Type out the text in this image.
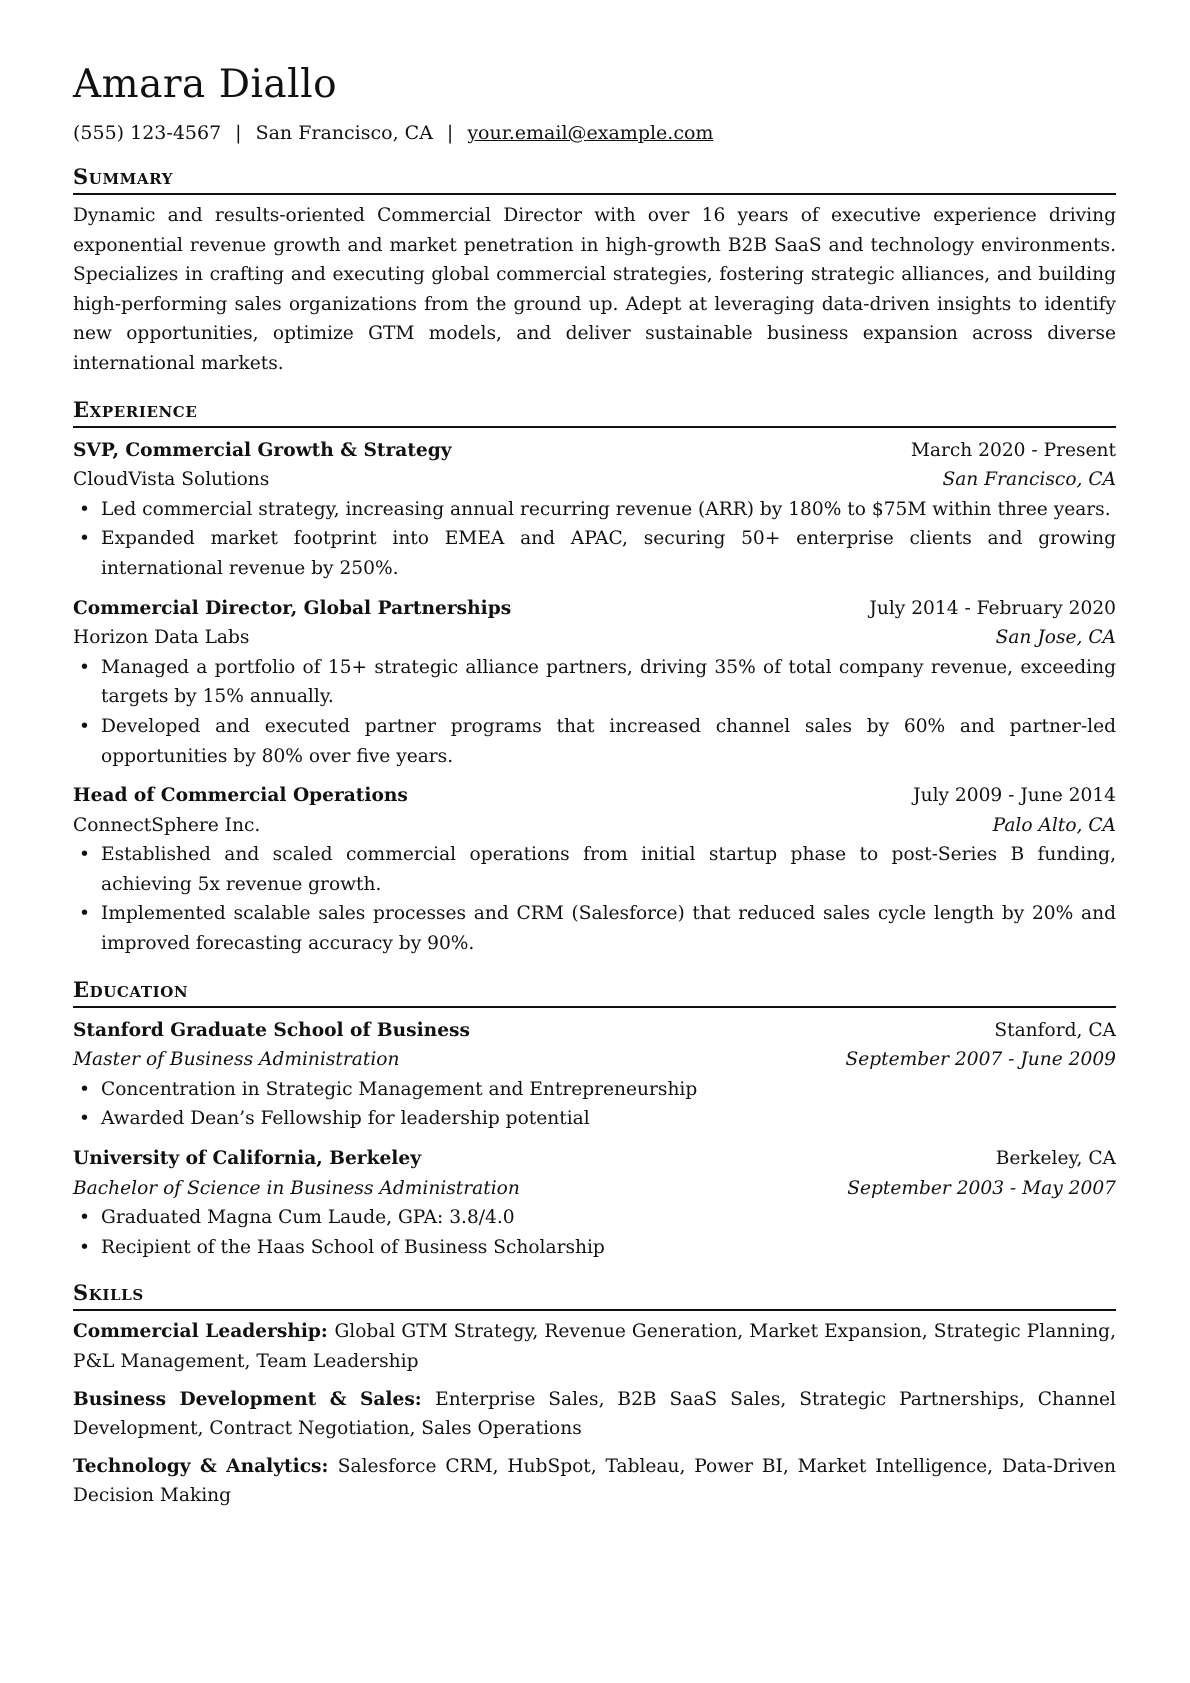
Amara Diallo
(555) 123-4567 | San Francisco, CA | your.email@example.com
Summary
Dynamic and results-oriented Commercial Director with over 16 years of executive experience driving exponential revenue growth and market penetration in high-growth B2B SaaS and technology environments. Specializes in crafting and executing global commercial strategies, fostering strategic alliances, and building high-performing sales organizations from the ground up. Adept at leveraging data-driven insights to identify new opportunities, optimize GTM models, and deliver sustainable business expansion across diverse international markets.
Experience
SVP, Commercial Growth & Strategy	March 2020 - Present
CloudVista Solutions	San Francisco, CA
• Led commercial strategy, increasing annual recurring revenue (ARR) by 180% to $75M within three years.
• Expanded market footprint into EMEA and APAC, securing 50+ enterprise clients and growing international revenue by 250%.
Commercial Director, Global Partnerships	July 2014 - February 2020
Horizon Data Labs	San Jose, CA
• Managed a portfolio of 15+ strategic alliance partners, driving 35% of total company revenue, exceeding targets by 15% annually.
• Developed and executed partner programs that increased channel sales by 60% and partner-led opportunities by 80% over five years.
Head of Commercial Operations	July 2009 - June 2014
ConnectSphere Inc.	Palo Alto, CA
• Established and scaled commercial operations from initial startup phase to post-Series B funding, achieving 5x revenue growth.
• Implemented scalable sales processes and CRM (Salesforce) that reduced sales cycle length by 20% and improved forecasting accuracy by 90%.
Education
Stanford Graduate School of Business	Stanford, CA
Master of Business Administration	September 2007 - June 2009
• Concentration in Strategic Management and Entrepreneurship
• Awarded Dean’s Fellowship for leadership potential
University of California, Berkeley	Berkeley, CA
Bachelor of Science in Business Administration	September 2003 - May 2007
• Graduated Magna Cum Laude, GPA: 3.8/4.0
• Recipient of the Haas School of Business Scholarship
Skills
Commercial Leadership: Global GTM Strategy, Revenue Generation, Market Expansion, Strategic Planning, P&L Management, Team Leadership
Business Development & Sales: Enterprise Sales, B2B SaaS Sales, Strategic Partnerships, Channel Development, Contract Negotiation, Sales Operations
Technology & Analytics: Salesforce CRM, HubSpot, Tableau, Power BI, Market Intelligence, Data-Driven Decision Making
